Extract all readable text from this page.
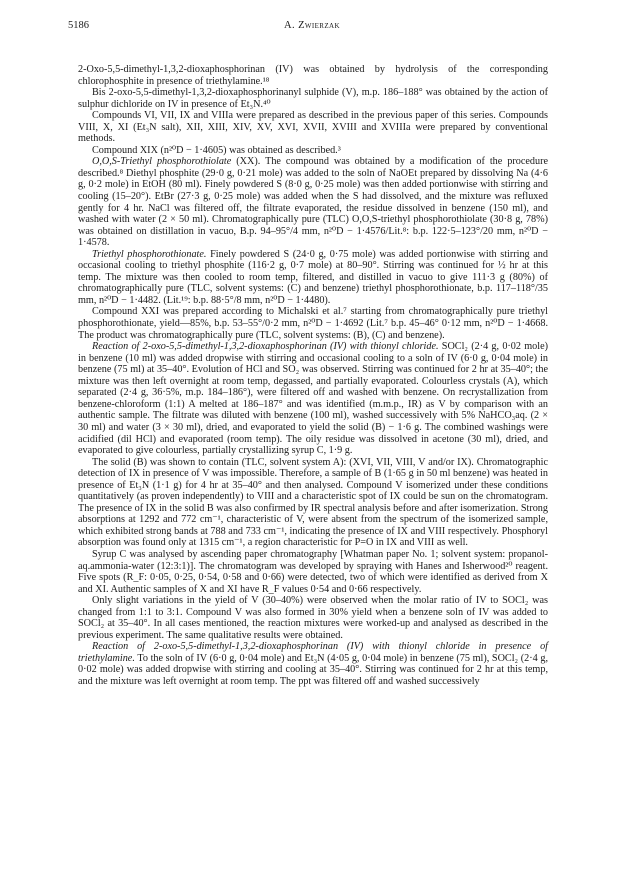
5186	A. Zwierzak

2-Oxo-5,5-dimethyl-1,3,2-dioxaphosphorinan (IV) was obtained by hydrolysis of the corresponding chlorophosphite in presence of triethylamine.¹⁸

Bis 2-oxo-5,5-dimethyl-1,3,2-dioxaphosphorinanyl sulphide (V), m.p. 186–188° was obtained by the action of sulphur dichloride on IV in presence of Et₃N.⁴⁰

Compounds VI, VII, IX and VIIIa were prepared as described in the previous paper of this series. Compounds VIII, X, XI (Et₃N salt), XII, XIII, XIV, XV, XVI, XVII, XVIII and XVIIIa were prepared by conventional methods.

Compound XIX (n²⁰D − 1·4605) was obtained as described.³

O,O,S-Triethyl phosphorothiolate (XX). The compound was obtained by a modification of the procedure described.⁸ Diethyl phosphite (29·0 g, 0·21 mole) was added to the soln of NaOEt prepared by dissolving Na (4·6 g, 0·2 mole) in EtOH (80 ml). Finely powdered S (8·0 g, 0·25 mole) was then added portionwise with stirring and cooling (15–20°). EtBr (27·3 g, 0·25 mole) was added when the S had dissolved, and the mixture was refluxed gently for 4 hr. NaCl was filtered off, the filtrate evaporated, the residue dissolved in benzene (150 ml), and washed with water (2 × 50 ml). Chromatographically pure (TLC) O,O,S-triethyl phosphorothiolate (30·8 g, 78%) was obtained on distillation in vacuo, B.p. 94–95°/4 mm, n²⁰D − 1·4576/Lit.⁸: b.p. 122·5–123°/20 mm, n²⁰D − 1·4578.

Triethyl phosphorothionate. Finely powdered S (24·0 g, 0·75 mole) was added portionwise with stirring and occasional cooling to triethyl phosphite (116·2 g, 0·7 mole) at 80–90°. Stirring was continued for ½ hr at this temp. The mixture was then cooled to room temp, filtered, and distilled in vacuo to give 111·3 g (80%) of chromatographically pure (TLC, solvent systems: (C) and benzene) triethyl phosphorothionate, b.p. 117–118°/35 mm, n²⁰D − 1·4482. (Lit.¹⁹: b.p. 88·5°/8 mm, n²⁰D − 1·4480).

Compound XXI was prepared according to Michalski et al.⁷ starting from chromatographically pure triethyl phosphorothionate, yield—85%, b.p. 53–55°/0·2 mm, n²⁰D − 1·4692 (Lit.⁷ b.p. 45–46° 0·12 mm, n²⁰D − 1·4668. The product was chromatographically pure (TLC, solvent systems: (B), (C) and benzene).

Reaction of 2-oxo-5,5-dimethyl-1,3,2-dioxaphosphorinan (IV) with thionyl chloride. SOCl₂ (2·4 g, 0·02 mole) in benzene (10 ml) was added dropwise with stirring and occasional cooling to a soln of IV (6·0 g, 0·04 mole) in benzene (75 ml) at 35–40°. Evolution of HCl and SO₂ was observed. Stirring was continued for 2 hr at 35–40°; the mixture was then left overnight at room temp, degassed, and partially evaporated. Colourless crystals (A), which separated (2·4 g, 36·5%, m.p. 184–186°), were filtered off and washed with benzene. On recrystallization from benzene-chloroform (1:1) A melted at 186–187° and was identified (m.m.p., IR) as V by comparison with an authentic sample. The filtrate was diluted with benzene (100 ml), washed successively with 5% NaHCO₃aq. (2 × 30 ml) and water (3 × 30 ml), dried, and evaporated to yield the solid (B) − 1·6 g. The combined washings were acidified (dil HCl) and evaporated (room temp). The oily residue was dissolved in acetone (30 ml), dried, and evaporated to give colourless, partially crystallizing syrup C, 1·9 g.

The solid (B) was shown to contain (TLC, solvent system A): (XVI, VII, VIII, V and/or IX). Chromatographic detection of IX in presence of V was impossible. Therefore, a sample of B (1·65 g in 50 ml benzene) was heated in presence of Et₃N (1·1 g) for 4 hr at 35–40° and then analysed. Compound V isomerized under these conditions quantitatively (as proven independently) to VIII and a characteristic spot of IX could be sun on the chromatogram. The presence of IX in the solid B was also confirmed by IR spectral analysis before and after isomerization. Strong absorptions at 1292 and 772 cm⁻¹, characteristic of V, were absent from the spectrum of the isomerized sample, which exhibited strong bands at 788 and 733 cm⁻¹, indicating the presence of IX and VIII respectively. Phosphoryl absorption was found only at 1315 cm⁻¹, a region characteristic for P=O in IX and VIII as well.

Syrup C was analysed by ascending paper chromatography [Whatman paper No. 1; solvent system: propanol-aq.ammonia-water (12:3:1)]. The chromatogram was developed by spraying with Hanes and Isherwood²⁰ reagent. Five spots (R_F: 0·05, 0·25, 0·54, 0·58 and 0·66) were detected, two of which were identified as derived from X and XI. Authentic samples of X and XI have R_F values 0·54 and 0·66 respectively.

Only slight variations in the yield of V (30–40%) were observed when the molar ratio of IV to SOCl₂ was changed from 1:1 to 3:1. Compound V was also formed in 30% yield when a benzene soln of IV was added to SOCl₂ at 35–40°. In all cases mentioned, the reaction mixtures were worked-up and analysed as described in the previous experiment. The same qualitative results were obtained.

Reaction of 2-oxo-5,5-dimethyl-1,3,2-dioxaphosphorinan (IV) with thionyl chloride in presence of triethylamine. To the soln of IV (6·0 g, 0·04 mole) and Et₃N (4·05 g, 0·04 mole) in benzene (75 ml), SOCl₂ (2·4 g, 0·02 mole) was added dropwise with stirring and cooling at 35–40°. Stirring was continued for 2 hr at this temp, and the mixture was left overnight at room temp. The ppt was filtered off and washed successively
